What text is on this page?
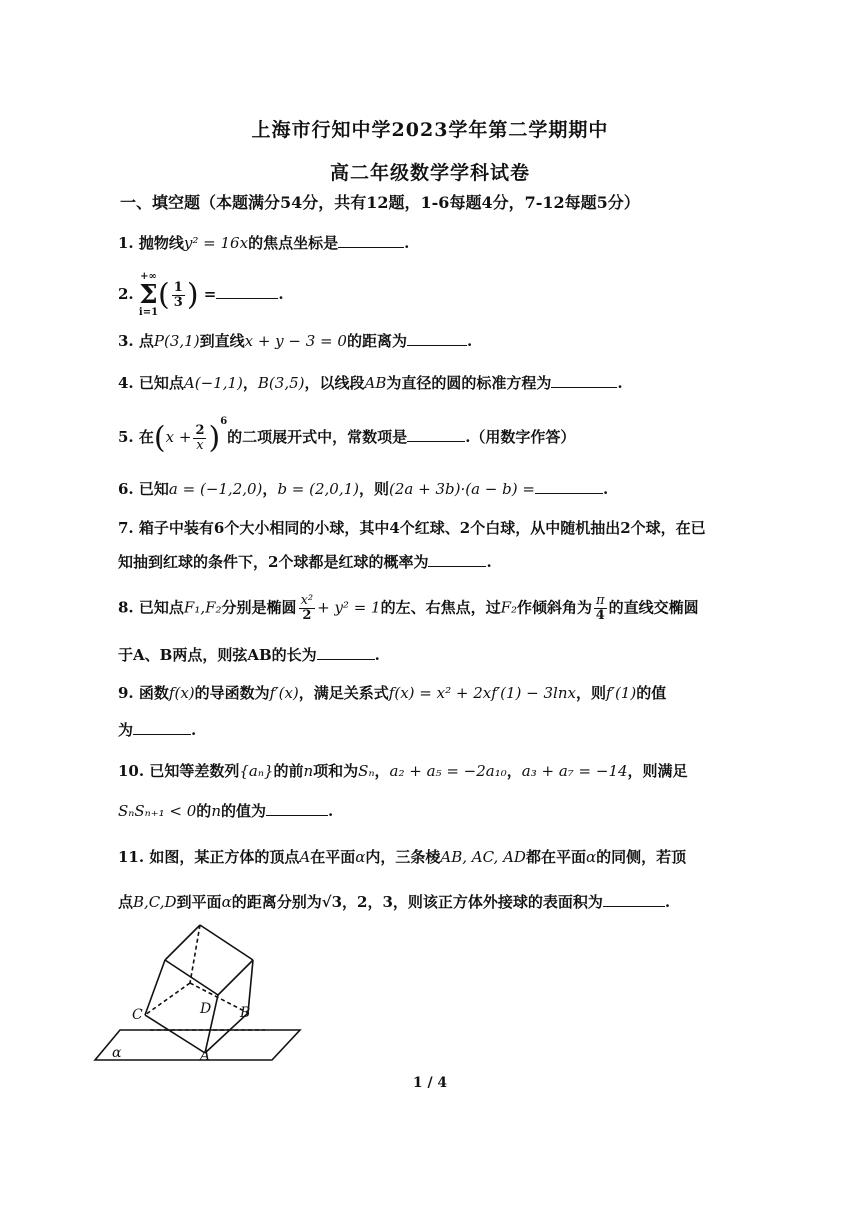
上海市行知中学2023学年第二学期期中
高二年级数学学科试卷
一、填空题（本题满分54分，共有12题，1-6每题4分，7-12每题5分）
1. 抛物线y² = 16x的焦点坐标是	.
2.
+∞
Σ
i=1 ( $\frac{1}{3}$ ) =	.
3. 点P(3,1)到直线x + y − 3 = 0的距离为	.
4. 已知点A(−1,1)，B(3,5)，以线段AB为直径的圆的标准方程为	.
5. 在$(x + \frac{2}{x} )^6$的二项展开式中，常数项是	.（用数字作答）
6. 已知a = (−1,2,0)，b = (2,0,1)，则(2a + 3b)·(a − b) =	.
7. 箱子中装有6个大小相同的小球，其中4个红球、2个白球，从中随机抽出2个球，在已
知抽到红球的条件下，2个球都是红球的概率为	.
8. 已知点F₁,F₂分别是椭圆 $\frac{\text{x²}}{2} + y^2 = 1$的左、右焦点，过F₂作倾斜角为 $\frac{\pi}{4}$ 的直线交椭圆
于A、B两点，则弦AB的长为	.
9. 函数f(x)的导函数为f′(x)，满足关系式f(x) = x² + 2xf′(1) − 3lnx，则f′(1)的值
为	.
10. 已知等差数列{aₙ}的前n项和为Sₙ，a₂ + a₅ = −2a₁₀，a₃ + a₇ = −14，则满足
SₙSₙ₊₁ < 0的n的值为	.
11. 如图，某正方体的顶点A在平面α内，三条棱AB, AC, AD都在平面α的同侧，若顶
点B,C,D到平面α的距离分别为√3，2，3，则该正方体外接球的表面积为	.
C	D B
A
α
1 / 4
